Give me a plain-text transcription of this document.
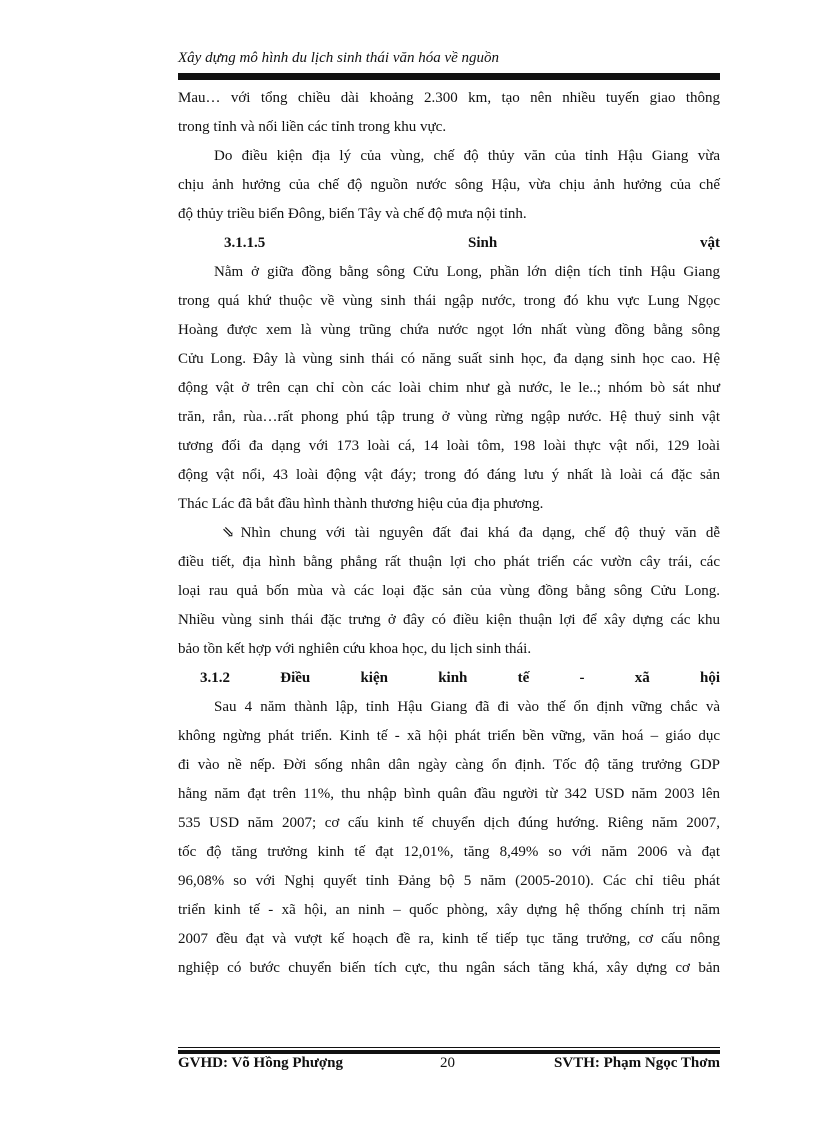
Xây dựng mô hình du lịch sinh thái văn hóa về nguồn

Mau… với tổng chiều dài khoảng 2.300 km, tạo nên nhiều tuyến giao thông

trong tỉnh và nối liền các tỉnh trong khu vực.

Do điều kiện địa lý của vùng, chế độ thủy văn của tỉnh Hậu Giang vừa

chịu ảnh hưởng của chế độ nguồn nước sông Hậu, vừa chịu ảnh hưởng của chế

độ thủy triều biển Đông, biển Tây và chế độ mưa nội tỉnh.

3.1.1.5 Sinh vật

Nằm ở giữa đồng bằng sông Cửu Long, phần lớn diện tích tỉnh Hậu Giang

trong quá khứ thuộc về vùng sinh thái ngập nước, trong đó khu vực Lung Ngọc

Hoàng được xem là vùng trũng chứa nước ngọt lớn nhất vùng đồng bằng sông

Cửu Long. Đây là vùng sinh thái có năng suất sinh học, đa dạng sinh học cao. Hệ

động vật ở trên cạn chỉ còn các loài chim như gà nước, le le..; nhóm bò sát như

trăn, rắn, rùa…rất phong phú tập trung ở vùng rừng ngập nước. Hệ thuỷ sinh vật

tương đối đa dạng với 173 loài cá, 14 loài tôm, 198 loài thực vật nổi, 129 loài

động vật nổi, 43 loài động vật đáy; trong đó đáng lưu ý nhất là loài cá đặc sản

Thác Lác đã bắt đầu hình thành thương hiệu của địa phương.

⇘ Nhìn chung với tài nguyên đất đai khá đa dạng, chế độ thuỷ văn dễ

điều tiết, địa hình bằng phẳng rất thuận lợi cho phát triển các vườn cây trái, các

loại rau quả bốn mùa và các loại đặc sản của vùng đồng bằng sông Cửu Long.

Nhiều vùng sinh thái đặc trưng ở đây có điều kiện thuận lợi để xây dựng các khu

bảo tồn kết hợp với nghiên cứu khoa học, du lịch sinh thái.

3.1.2 Điều kiện kinh tế - xã hội

Sau 4 năm thành lập, tỉnh Hậu Giang đã đi vào thế ổn định vững chắc và

không ngừng phát triển. Kinh tế - xã hội phát triển bền vững, văn hoá – giáo dục

đi vào nề nếp. Đời sống nhân dân ngày càng ổn định. Tốc độ tăng trưởng GDP

hằng năm đạt trên 11%, thu nhập bình quân đầu người từ 342 USD năm 2003 lên

535 USD năm 2007; cơ cấu kinh tế chuyển dịch đúng hướng. Riêng năm 2007,

tốc độ tăng trưởng kinh tế đạt 12,01%, tăng 8,49% so với năm 2006 và đạt

96,08% so với Nghị quyết tỉnh Đảng bộ 5 năm (2005-2010). Các chỉ tiêu phát

triển kinh tế - xã hội, an ninh – quốc phòng, xây dựng hệ thống chính trị năm

2007 đều đạt và vượt kế hoạch đề ra, kinh tế tiếp tục tăng trưởng, cơ cấu nông

nghiệp có bước chuyển biến tích cực, thu ngân sách tăng khá, xây dựng cơ bản

GVHD: Võ Hồng Phượng	20	SVTH: Phạm Ngọc Thơm
